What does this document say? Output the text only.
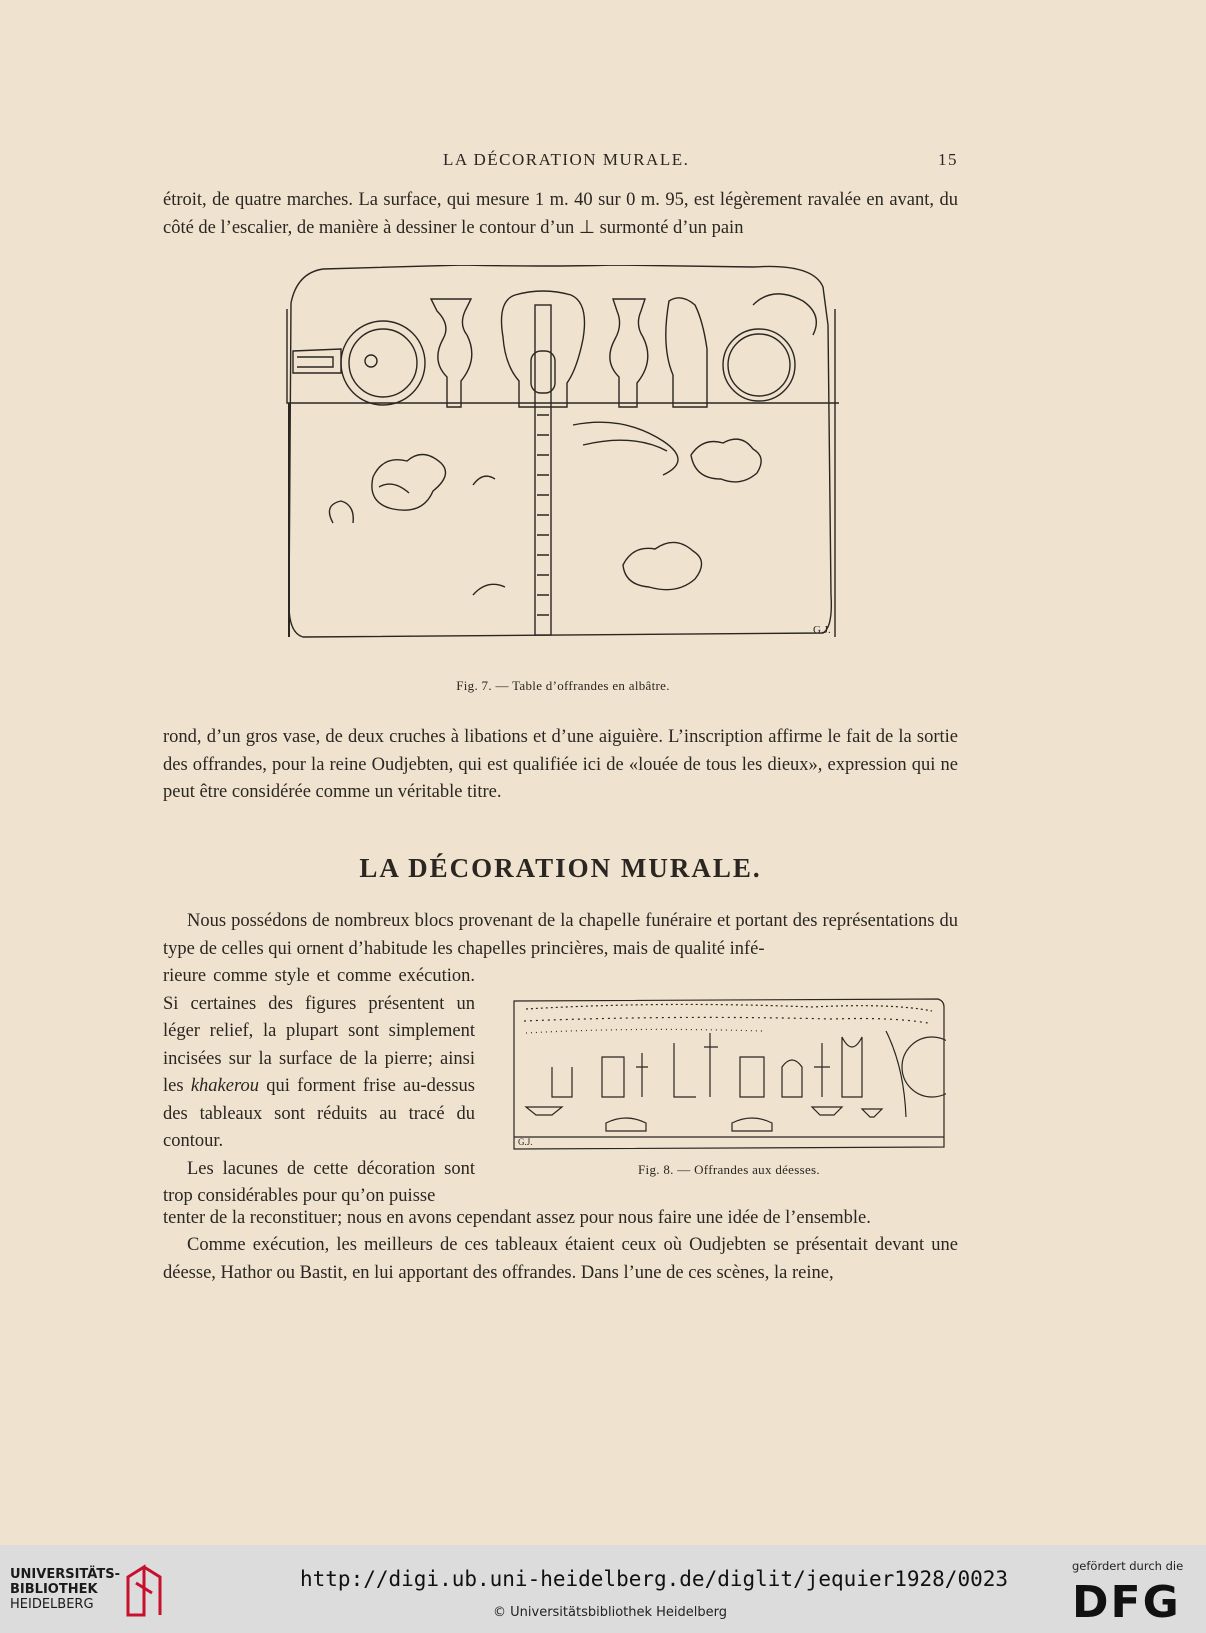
LA DÉCORATION MURALE.	15

étroit, de quatre marches. La surface, qui mesure 1 m. 40 sur 0 m. 95, est légèrement ravalée en avant, du côté de l’escalier, de manière à dessiner le contour d’un ⊥ surmonté d’un pain

G.J.

Fig. 7. — Table d’offrandes en albâtre.

rond, d’un gros vase, de deux cruches à libations et d’une aiguière. L’inscription affirme le fait de la sortie des offrandes, pour la reine Oudjebten, qui est qualifiée ici de «louée de tous les dieux», expression qui ne peut être considérée comme un véritable titre.

LA DÉCORATION MURALE.

Nous possédons de nombreux blocs provenant de la chapelle funéraire et portant des représentations du type de celles qui ornent d’habitude les chapelles princières, mais de qualité infé-

rieure comme style et comme exécution. Si certaines des figures présentent un léger relief, la plupart sont simplement incisées sur la surface de la pierre; ainsi les khakerou qui forment frise au-dessus des tableaux sont réduits au tracé du contour.
Les lacunes de cette décoration sont trop considérables pour qu’on puisse
G.J.

Fig. 8. — Offrandes aux déesses.

tenter de la reconstituer; nous en avons cependant assez pour nous faire une idée de l’ensemble.

Comme exécution, les meilleurs de ces tableaux étaient ceux où Oudjebten se présentait devant une déesse, Hathor ou Bastit, en lui apportant des offrandes. Dans l’une de ces scènes, la reine,

UNIVERSITÄTS-
BIBLIOTHEK
HEIDELBERG
http://digi.ub.uni-heidelberg.de/diglit/jequier1928/0023
© Universitätsbibliothek Heidelberg
gefördert durch die
DFG
